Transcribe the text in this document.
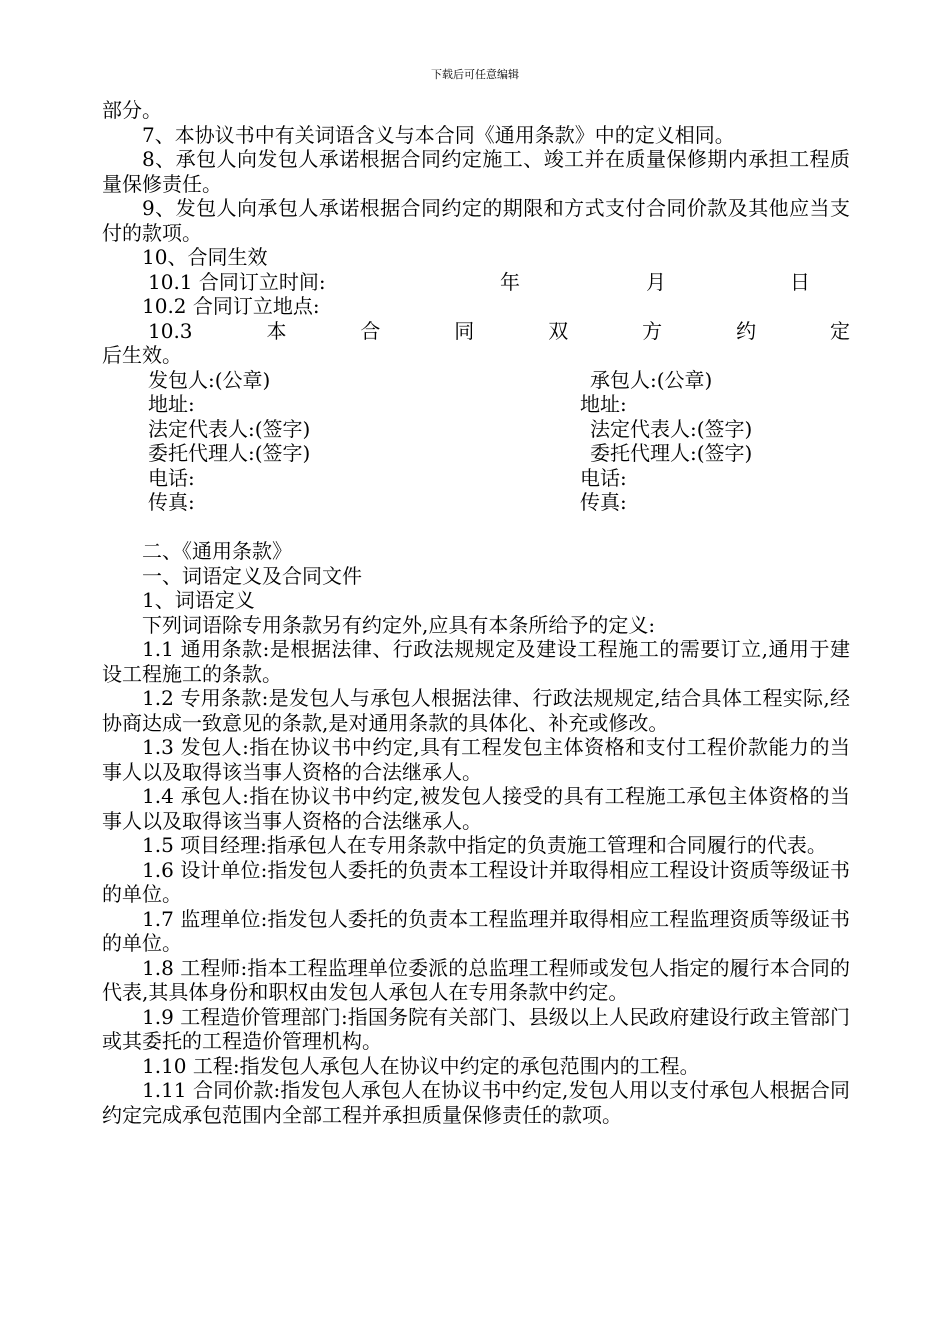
下载后可任意编辑

部分。

7、本协议书中有关词语含义与本合同《通用条款》中的定义相同。

8、承包人向发包人承诺根据合同约定施工、竣工并在质量保修期内承担工程质量保修责任。

9、发包人向承包人承诺根据合同约定的期限和方式支付合同价款及其他应当支付的款项。

10、合同生效

10.1 合同订立时间:	年	月	日

10.2 合同订立地点:

10.3	本	合	同	双	方	约	定

后生效。

发包人:(公章)	承包人:(公章)
地址:	地址:
法定代表人:(签字)	法定代表人:(签字)
委托代理人:(签字)	委托代理人:(签字)
电话:	电话:
传真:	传真:

二、《通用条款》

一、词语定义及合同文件

1、词语定义

下列词语除专用条款另有约定外,应具有本条所给予的定义:

1.1 通用条款:是根据法律、行政法规规定及建设工程施工的需要订立,通用于建设工程施工的条款。

1.2 专用条款:是发包人与承包人根据法律、行政法规规定,结合具体工程实际,经协商达成一致意见的条款,是对通用条款的具体化、补充或修改。

1.3 发包人:指在协议书中约定,具有工程发包主体资格和支付工程价款能力的当事人以及取得该当事人资格的合法继承人。

1.4 承包人:指在协议书中约定,被发包人接受的具有工程施工承包主体资格的当事人以及取得该当事人资格的合法继承人。

1.5 项目经理:指承包人在专用条款中指定的负责施工管理和合同履行的代表。

1.6 设计单位:指发包人委托的负责本工程设计并取得相应工程设计资质等级证书的单位。

1.7 监理单位:指发包人委托的负责本工程监理并取得相应工程监理资质等级证书的单位。

1.8 工程师:指本工程监理单位委派的总监理工程师或发包人指定的履行本合同的代表,其具体身份和职权由发包人承包人在专用条款中约定。

1.9 工程造价管理部门:指国务院有关部门、县级以上人民政府建设行政主管部门或其委托的工程造价管理机构。

1.10 工程:指发包人承包人在协议中约定的承包范围内的工程。

1.11 合同价款:指发包人承包人在协议书中约定,发包人用以支付承包人根据合同约定完成承包范围内全部工程并承担质量保修责任的款项。
